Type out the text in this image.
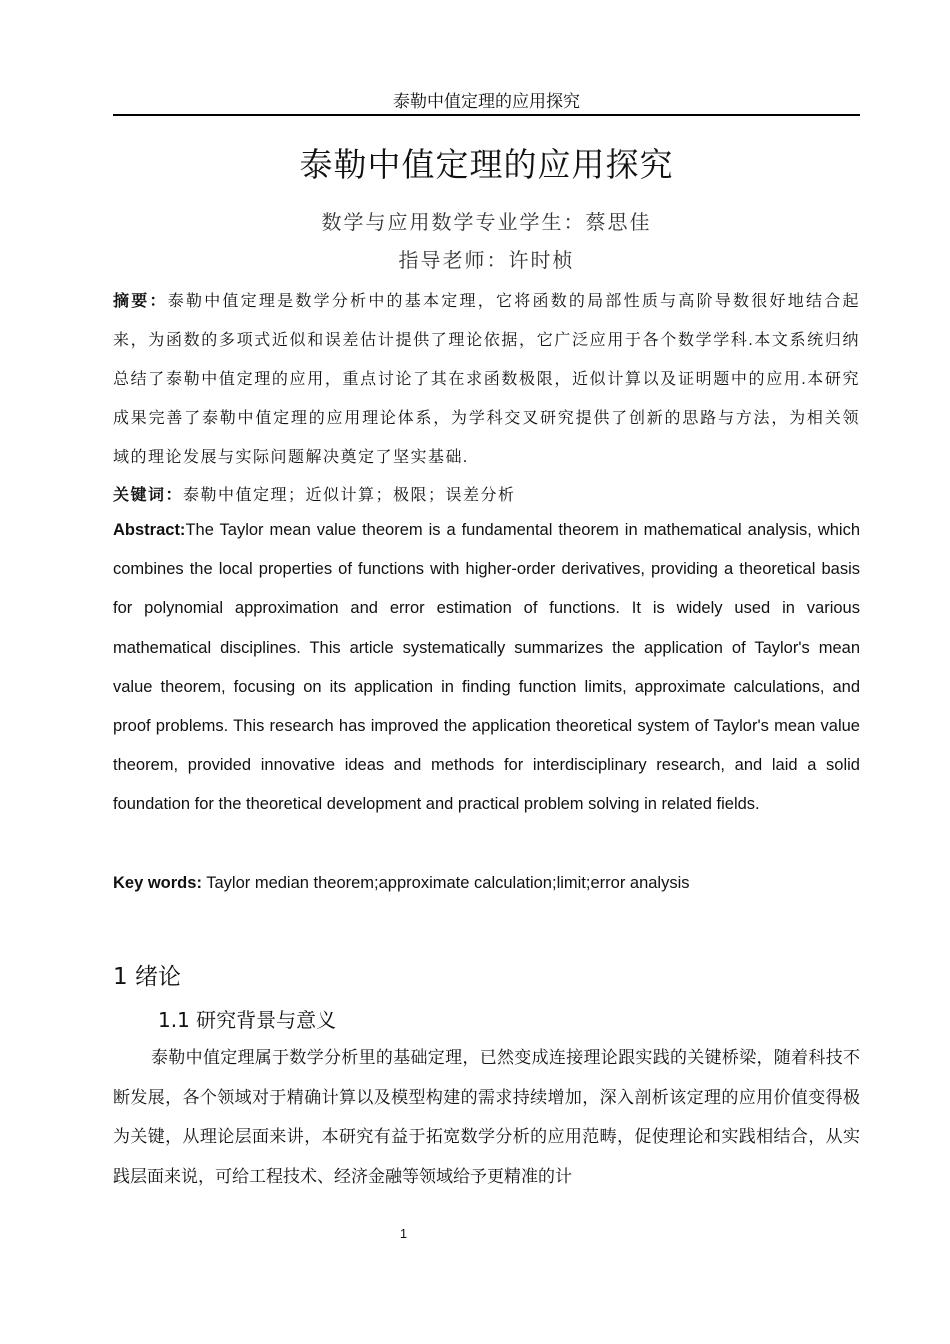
泰勒中值定理的应用探究
泰勒中值定理的应用探究
数学与应用数学专业学生：蔡思佳
指导老师：许时桢
摘要：泰勒中值定理是数学分析中的基本定理，它将函数的局部性质与高阶导数很好地结合起来，为函数的多项式近似和误差估计提供了理论依据，它广泛应用于各个数学学科.本文系统归纳总结了泰勒中值定理的应用，重点讨论了其在求函数极限，近似计算以及证明题中的应用.本研究成果完善了泰勒中值定理的应用理论体系，为学科交叉研究提供了创新的思路与方法，为相关领域的理论发展与实际问题解决奠定了坚实基础.
关键词：泰勒中值定理；近似计算；极限；误差分析
Abstract:The Taylor mean value theorem is a fundamental theorem in mathematical analysis, which combines the local properties of functions with higher-order derivatives, providing a theoretical basis for polynomial approximation and error estimation of functions. It is widely used in various mathematical disciplines. This article systematically summarizes the application of Taylor's mean value theorem, focusing on its application in finding function limits, approximate calculations, and proof problems. This research has improved the application theoretical system of Taylor's mean value theorem, provided innovative ideas and methods for interdisciplinary research, and laid a solid foundation for the theoretical development and practical problem solving in related fields.
Key words: Taylor median theorem;approximate calculation;limit;error analysis
1 绪论
1.1 研究背景与意义
泰勒中值定理属于数学分析里的基础定理，已然变成连接理论跟实践的关键桥梁，随着科技不断发展，各个领域对于精确计算以及模型构建的需求持续增加，深入剖析该定理的应用价值变得极为关键，从理论层面来讲，本研究有益于拓宽数学分析的应用范畴，促使理论和实践相结合，从实践层面来说，可给工程技术、经济金融等领域给予更精准的计
1
